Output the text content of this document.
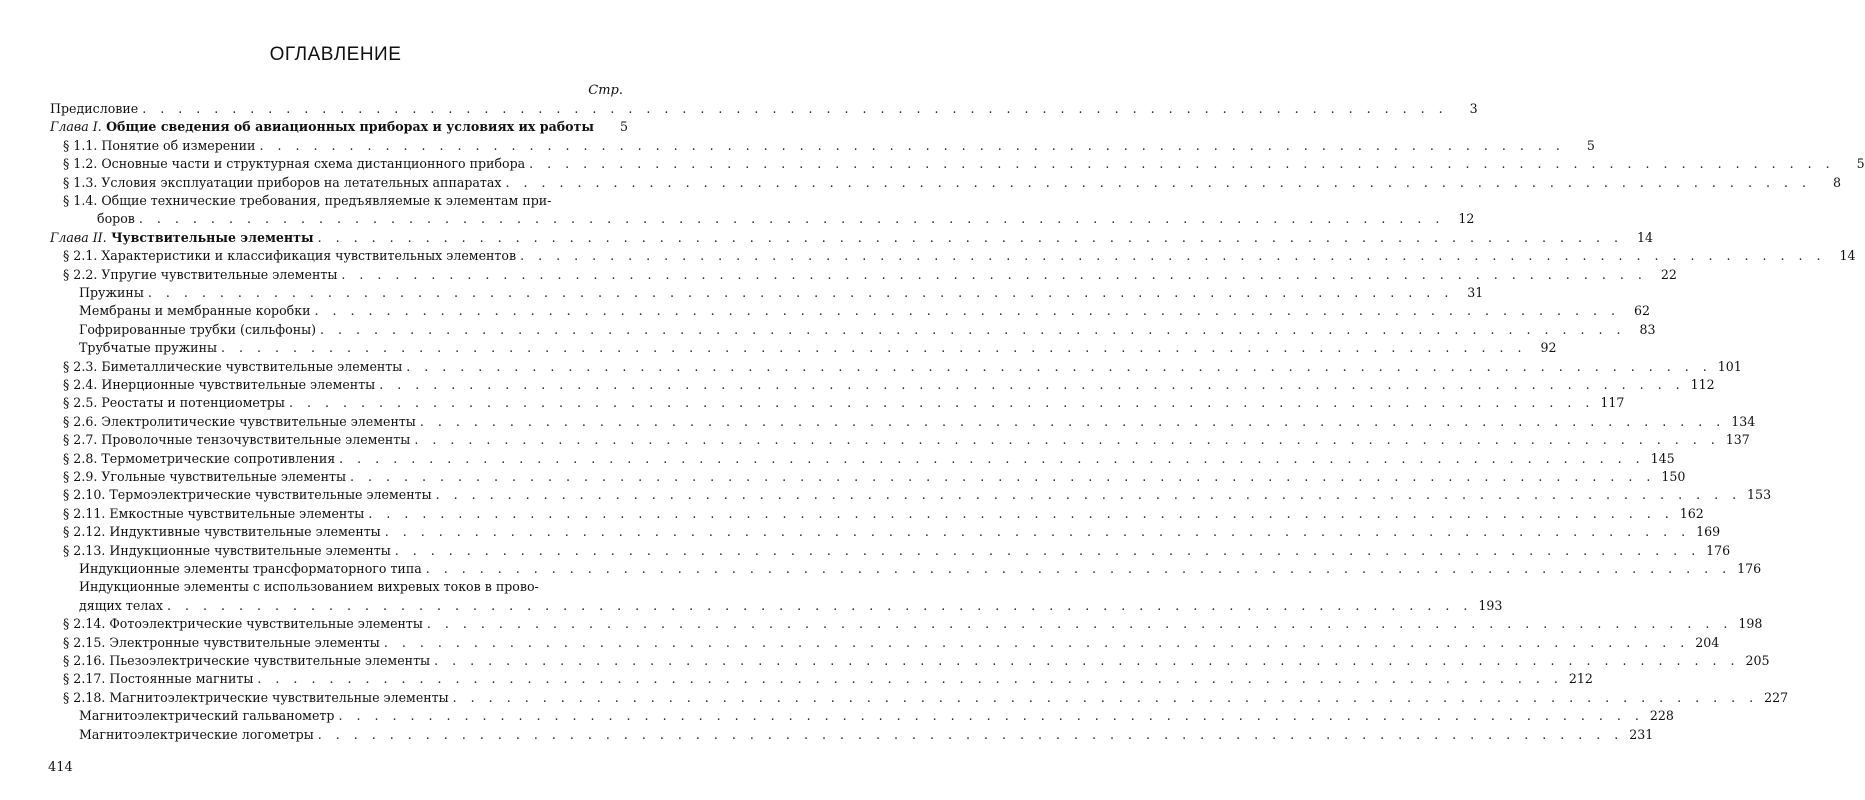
ОГЛАВЛЕНИЕ
Стр.
Предисловие . . . . . . . . . . . . . . . . . . . . . . . . . . . . . . . . . . . . . . . . . . . . . . . . . . . . . . . . . . . . . . . . . . . . . . . . .	3
Глава I. Общие сведения об авиационных приборах и условиях их работы	5
§ 1.1. Понятие об измерении . . . . . . . . . . . . . . . . . . . . . . . . . . . . . . . . . . . . . . . . . . . . . . . . . . . . . . . . . . . . . . . . . . . . . . . . .	5
§ 1.2. Основные части и структурная схема дистанционного прибора . . . . . . . . . . . . . . . . . . . . . . . . . . . . . . . . . . . . . . . . . . . . . . . . . . . . . . . . . . . . . . . . . . . . . . . . .	5
§ 1.3. Условия эксплуатации приборов на летательных аппаратах . . . . . . . . . . . . . . . . . . . . . . . . . . . . . . . . . . . . . . . . . . . . . . . . . . . . . . . . . . . . . . . . . . . . . . . . .	8
§ 1.4. Общие технические требования, предъявляемые к элементам при-
боров . . . . . . . . . . . . . . . . . . . . . . . . . . . . . . . . . . . . . . . . . . . . . . . . . . . . . . . . . . . . . . . . . . . . . . . . .	12
Глава II. Чувствительные элементы . . . . . . . . . . . . . . . . . . . . . . . . . . . . . . . . . . . . . . . . . . . . . . . . . . . . . . . . . . . . . . . . . . . . . . . . .	14
§ 2.1. Характеристики и классификация чувствительных элементов . . . . . . . . . . . . . . . . . . . . . . . . . . . . . . . . . . . . . . . . . . . . . . . . . . . . . . . . . . . . . . . . . . . . . . . . .	14
§ 2.2. Упругие чувствительные элементы . . . . . . . . . . . . . . . . . . . . . . . . . . . . . . . . . . . . . . . . . . . . . . . . . . . . . . . . . . . . . . . . . . . . . . . . .	22
Пружины . . . . . . . . . . . . . . . . . . . . . . . . . . . . . . . . . . . . . . . . . . . . . . . . . . . . . . . . . . . . . . . . . . . . . . . . .	31
Мембраны и мембранные коробки . . . . . . . . . . . . . . . . . . . . . . . . . . . . . . . . . . . . . . . . . . . . . . . . . . . . . . . . . . . . . . . . . . . . . . . . .	62
Гофрированные трубки (сильфоны) . . . . . . . . . . . . . . . . . . . . . . . . . . . . . . . . . . . . . . . . . . . . . . . . . . . . . . . . . . . . . . . . . . . . . . . . .	83
Трубчатые пружины . . . . . . . . . . . . . . . . . . . . . . . . . . . . . . . . . . . . . . . . . . . . . . . . . . . . . . . . . . . . . . . . . . . . . . . . .	92
§ 2.3. Биметаллические чувствительные элементы . . . . . . . . . . . . . . . . . . . . . . . . . . . . . . . . . . . . . . . . . . . . . . . . . . . . . . . . . . . . . . . . . . . . . . . . . 101
§ 2.4. Инерционные чувствительные элементы . . . . . . . . . . . . . . . . . . . . . . . . . . . . . . . . . . . . . . . . . . . . . . . . . . . . . . . . . . . . . . . . . . . . . . . . . 112
§ 2.5. Реостаты и потенциометры . . . . . . . . . . . . . . . . . . . . . . . . . . . . . . . . . . . . . . . . . . . . . . . . . . . . . . . . . . . . . . . . . . . . . . . . . 117
§ 2.6. Электролитические чувствительные элементы . . . . . . . . . . . . . . . . . . . . . . . . . . . . . . . . . . . . . . . . . . . . . . . . . . . . . . . . . . . . . . . . . . . . . . . . . 134
§ 2.7. Проволочные тензочувствительные элементы . . . . . . . . . . . . . . . . . . . . . . . . . . . . . . . . . . . . . . . . . . . . . . . . . . . . . . . . . . . . . . . . . . . . . . . . . 137
§ 2.8. Термометрические сопротивления . . . . . . . . . . . . . . . . . . . . . . . . . . . . . . . . . . . . . . . . . . . . . . . . . . . . . . . . . . . . . . . . . . . . . . . . . 145
§ 2.9. Угольные чувствительные элементы . . . . . . . . . . . . . . . . . . . . . . . . . . . . . . . . . . . . . . . . . . . . . . . . . . . . . . . . . . . . . . . . . . . . . . . . . 150
§ 2.10. Термоэлектрические чувствительные элементы . . . . . . . . . . . . . . . . . . . . . . . . . . . . . . . . . . . . . . . . . . . . . . . . . . . . . . . . . . . . . . . . . . . . . . . . . 153
§ 2.11. Емкостные чувствительные элементы . . . . . . . . . . . . . . . . . . . . . . . . . . . . . . . . . . . . . . . . . . . . . . . . . . . . . . . . . . . . . . . . . . . . . . . . . 162
§ 2.12. Индуктивные чувствительные элементы . . . . . . . . . . . . . . . . . . . . . . . . . . . . . . . . . . . . . . . . . . . . . . . . . . . . . . . . . . . . . . . . . . . . . . . . . 169
§ 2.13. Индукционные чувствительные элементы . . . . . . . . . . . . . . . . . . . . . . . . . . . . . . . . . . . . . . . . . . . . . . . . . . . . . . . . . . . . . . . . . . . . . . . . . 176
Индукционные элементы трансформаторного типа . . . . . . . . . . . . . . . . . . . . . . . . . . . . . . . . . . . . . . . . . . . . . . . . . . . . . . . . . . . . . . . . . . . . . . . . . 176
Индукционные элементы с использованием вихревых токов в прово-
дящих телах . . . . . . . . . . . . . . . . . . . . . . . . . . . . . . . . . . . . . . . . . . . . . . . . . . . . . . . . . . . . . . . . . . . . . . . . . 193
§ 2.14. Фотоэлектрические чувствительные элементы . . . . . . . . . . . . . . . . . . . . . . . . . . . . . . . . . . . . . . . . . . . . . . . . . . . . . . . . . . . . . . . . . . . . . . . . . 198
§ 2.15. Электронные чувствительные элементы . . . . . . . . . . . . . . . . . . . . . . . . . . . . . . . . . . . . . . . . . . . . . . . . . . . . . . . . . . . . . . . . . . . . . . . . . 204
§ 2.16. Пьезоэлектрические чувствительные элементы . . . . . . . . . . . . . . . . . . . . . . . . . . . . . . . . . . . . . . . . . . . . . . . . . . . . . . . . . . . . . . . . . . . . . . . . . 205
§ 2.17. Постоянные магниты . . . . . . . . . . . . . . . . . . . . . . . . . . . . . . . . . . . . . . . . . . . . . . . . . . . . . . . . . . . . . . . . . . . . . . . . . 212
§ 2.18. Магнитоэлектрические чувствительные элементы . . . . . . . . . . . . . . . . . . . . . . . . . . . . . . . . . . . . . . . . . . . . . . . . . . . . . . . . . . . . . . . . . . . . . . . . . 227
Магнитоэлектрический гальванометр . . . . . . . . . . . . . . . . . . . . . . . . . . . . . . . . . . . . . . . . . . . . . . . . . . . . . . . . . . . . . . . . . . . . . . . . . 228
Магнитоэлектрические логометры . . . . . . . . . . . . . . . . . . . . . . . . . . . . . . . . . . . . . . . . . . . . . . . . . . . . . . . . . . . . . . . . . . . . . . . . . 231
414
